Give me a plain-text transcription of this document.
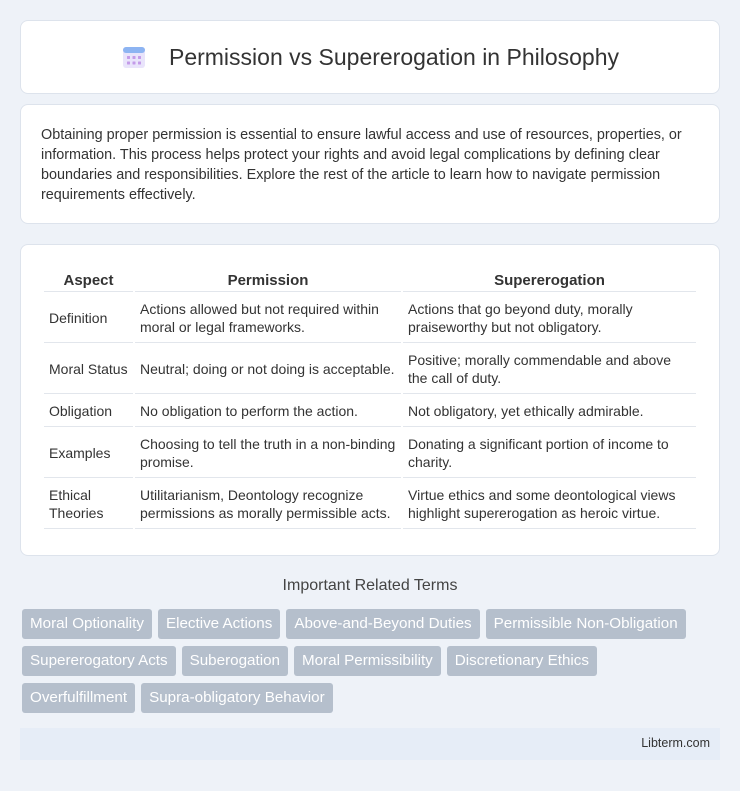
Permission vs Supererogation in Philosophy

Obtaining proper permission is essential to ensure lawful access and use of resources, properties, or information. This process helps protect your rights and avoid legal complications by defining clear boundaries and responsibilities. Explore the rest of the article to learn how to navigate permission requirements effectively.

Aspect	Permission	Supererogation
Definition	Actions allowed but not required within moral or legal frameworks.	Actions that go beyond duty, morally praiseworthy but not obligatory.
Moral Status	Neutral; doing or not doing is acceptable.	Positive; morally commendable and above the call of duty.
Obligation	No obligation to perform the action.	Not obligatory, yet ethically admirable.
Examples	Choosing to tell the truth in a non-binding promise.	Donating a significant portion of income to charity.
Ethical Theories	Utilitarianism, Deontology recognize permissions as morally permissible acts.	Virtue ethics and some deontological views highlight supererogation as heroic virtue.
Important Related Terms
Moral Optionality	Elective Actions	Above-and-Beyond Duties	Permissible Non-Obligation
Supererogatory Acts	Suberogation	Moral Permissibility	Discretionary Ethics
Overfulfillment	Supra-obligatory Behavior
Libterm.com
